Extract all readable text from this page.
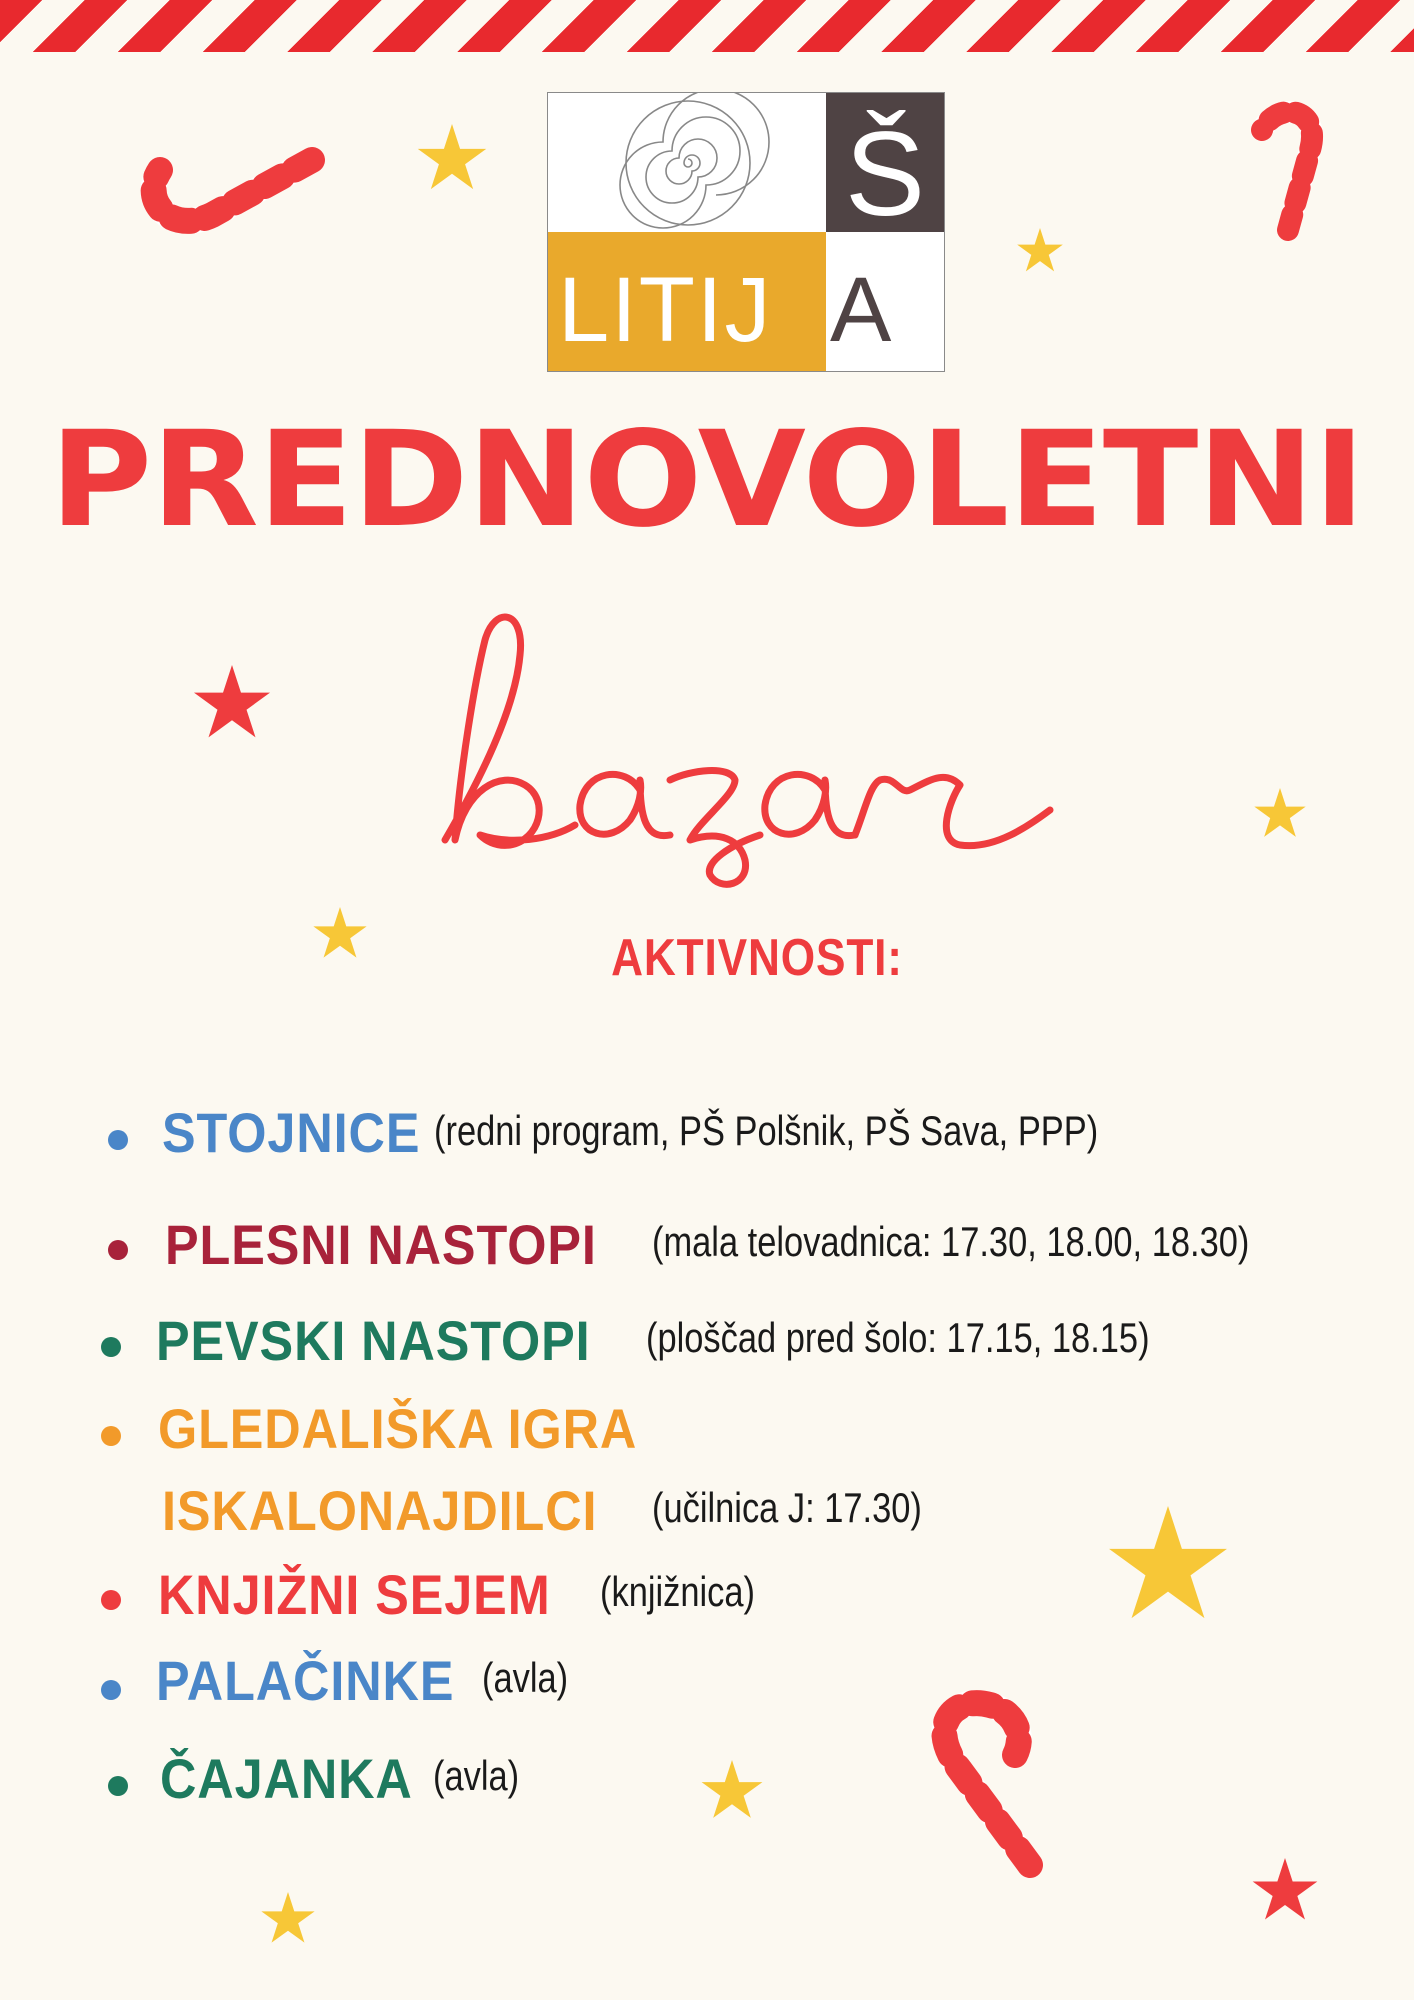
Š
LITIJ A
PREDNOVOLETNI
bazar
AKTIVNOSTI:
STOJNICE (redni program, PŠ Polšnik, PŠ Sava, PPP)
PLESNI NASTOPI (mala telovadnica: 17.30, 18.00, 18.30)
PEVSKI NASTOPI (ploščad pred šolo: 17.15, 18.15)
GLEDALIŠKA IGRA
ISKALONAJDILCI (učilnica J: 17.30)
KNJIŽNI SEJEM (knjižnica)
PALAČINKE (avla)
ČAJANKA (avla)
